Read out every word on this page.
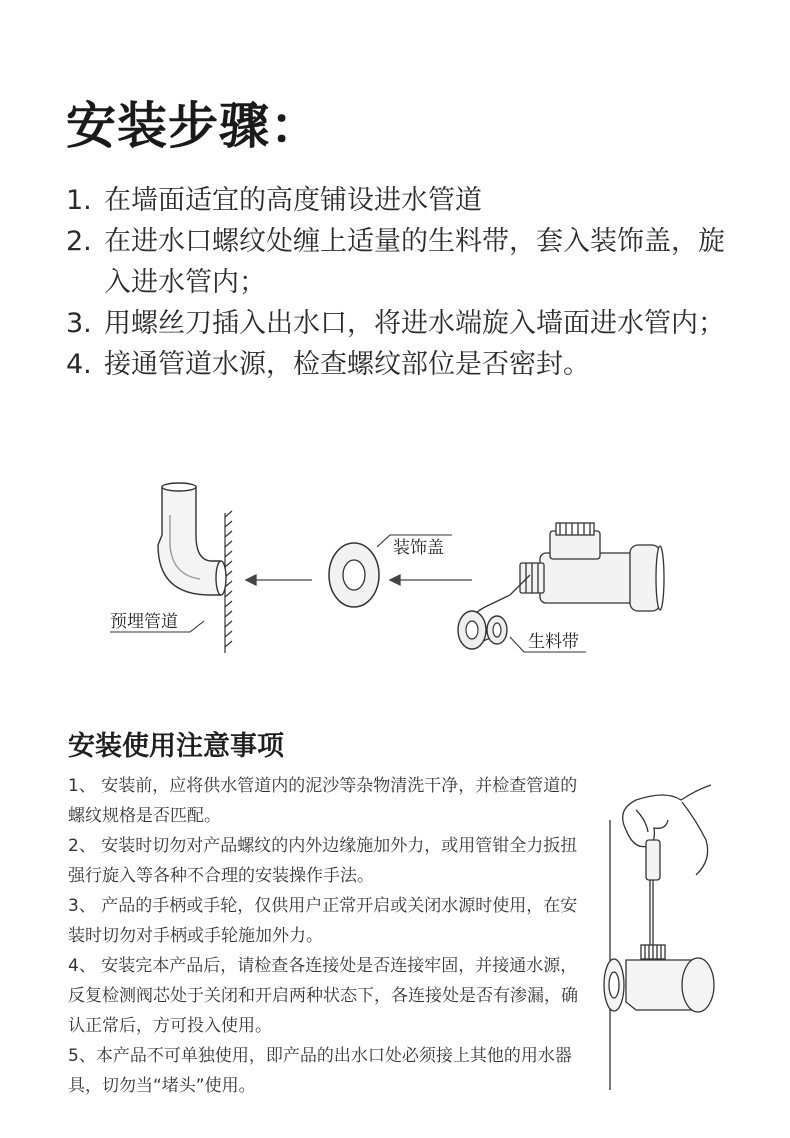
安装步骤：
1. 在墙面适宜的高度铺设进水管道
2. 在进水口螺纹处缠上适量的生料带，套入装饰盖，旋入进水管内；
3. 用螺丝刀插入出水口，将进水端旋入墙面进水管内；
4. 接通管道水源，检查螺纹部位是否密封。
预埋管道
装饰盖
生料带
安装使用注意事项

1、 安装前，应将供水管道内的泥沙等杂物清洗干净，并检查管道的螺纹规格是否匹配。

2、 安装时切勿对产品螺纹的内外边缘施加外力，或用管钳全力扳扭强行旋入等各种不合理的安装操作手法。

3、 产品的手柄或手轮，仅供用户正常开启或关闭水源时使用，在安装时切勿对手柄或手轮施加外力。

4、 安装完本产品后，请检查各连接处是否连接牢固，并接通水源，反复检测阀芯处于关闭和开启两种状态下，各连接处是否有渗漏，确认正常后，方可投入使用。

5、本产品不可单独使用，即产品的出水口处必须接上其他的用水器具，切勿当“堵头”使用。
